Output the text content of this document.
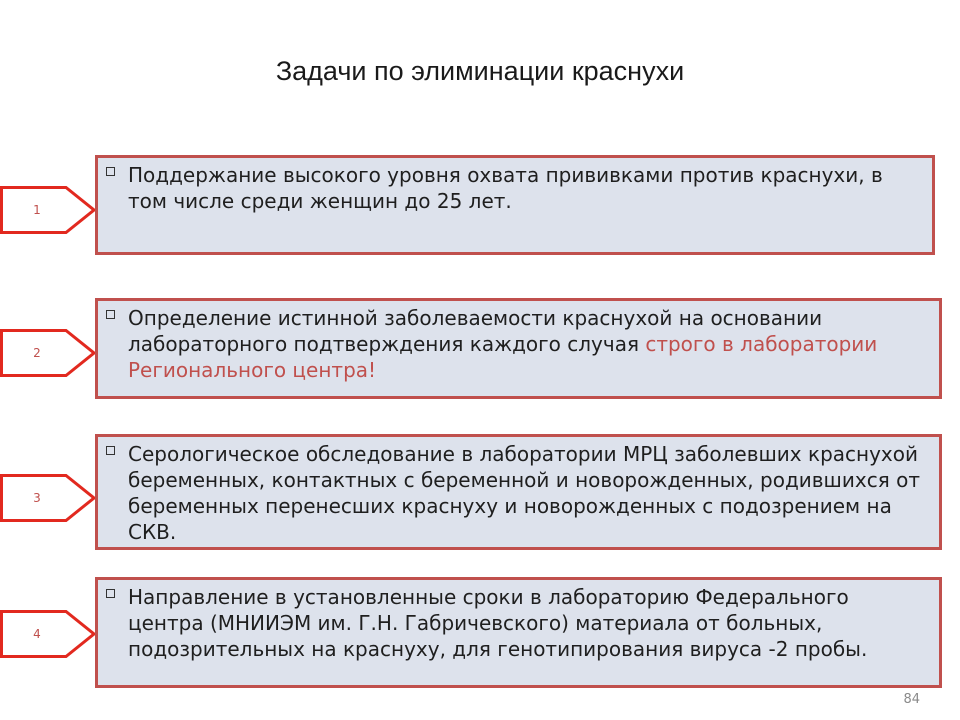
Задачи по элиминации краснухи
1

Поддержание высокого уровня охвата прививками против краснухи, в том числе среди женщин до 25 лет.

2

Определение истинной заболеваемости краснухой на основании лабораторного подтверждения каждого случая строго в лаборатории Регионального центра!

3

Серологическое обследование в лаборатории МРЦ заболевших краснухой беременных, контактных с беременной и новорожденных, родившихся от беременных перенесших краснуху и новорожденных с подозрением на СКВ.

4

Направление в установленные сроки в лабораторию Федерального центра (МНИИЭМ им. Г.Н. Габричевского) материала от больных, подозрительных на краснуху, для генотипирования вируса -2 пробы.

84
